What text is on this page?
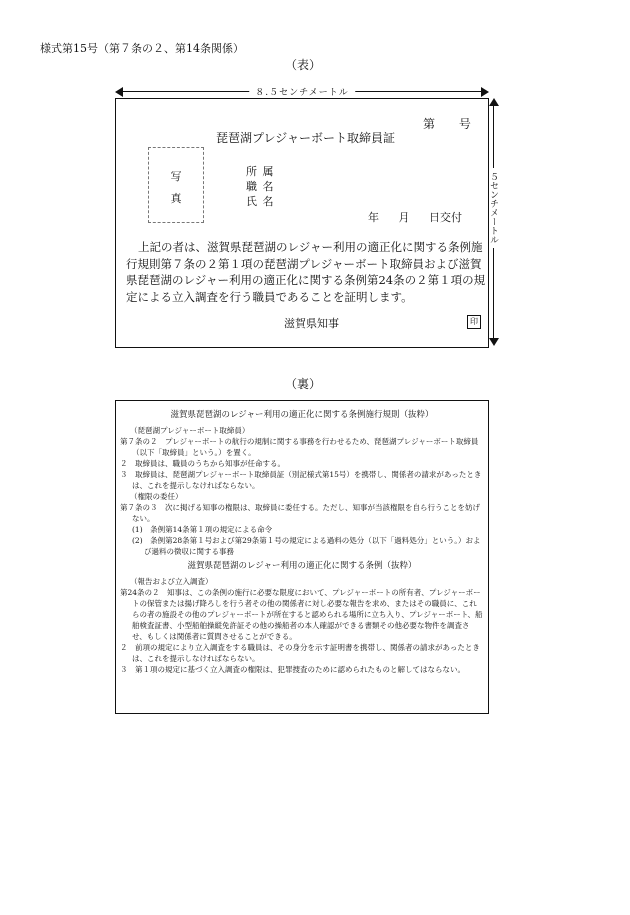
様式第15号（第７条の２、第14条関係）
（表）
８.５センチメートル
５センチメートル
第 号
琵琶湖プレジャーボート取締員証
写
真
所 属
職 名
氏 名
年 月 日交付

上記の者は、滋賀県琵琶湖のレジャー利用の適正化に関する条例施行規則第７条の２第１項の琵琶湖プレジャーボート取締員および滋賀県琵琶湖のレジャー利用の適正化に関する条例第24条の２第１項の規定による立入調査を行う職員であることを証明します。

滋賀県知事	印
（裏）

滋賀県琵琶湖のレジャー利用の適正化に関する条例施行規則（抜粋）

（琵琶湖プレジャーボート取締員）

第７条の２　プレジャーボートの航行の規制に関する事務を行わせるため、琵琶湖プレジャーボート取締員（以下「取締員」という。）を置く。

２　取締員は、職員のうちから知事が任命する。

３　取締員は、琵琶湖プレジャーボート取締員証（別記様式第15号）を携帯し、関係者の請求があったときは、これを提示しなければならない。

（権限の委任）

第７条の３　次に掲げる知事の権限は、取締員に委任する。ただし、知事が当該権限を自ら行うことを妨げない。

(1)　条例第14条第１項の規定による命令

(2)　条例第28条第１号および第29条第１号の規定による過料の処分（以下「過料処分」という。）および過料の徴収に関する事務

滋賀県琵琶湖のレジャー利用の適正化に関する条例（抜粋）

（報告および立入調査）

第24条の２　知事は、この条例の施行に必要な限度において、プレジャーボートの所有者、プレジャーボートの保管または揚げ降ろしを行う者その他の関係者に対し必要な報告を求め、またはその職員に、これらの者の施設その他のプレジャーボートが所在すると認められる場所に立ち入り、プレジャーボート、船舶検査証書、小型船舶操縦免許証その他の操船者の本人確認ができる書類その他必要な物件を調査させ、もしくは関係者に質問させることができる。

２　前項の規定により立入調査をする職員は、その身分を示す証明書を携帯し、関係者の請求があったときは、これを提示しなければならない。

３　第１項の規定に基づく立入調査の権限は、犯罪捜査のために認められたものと解してはならない。
